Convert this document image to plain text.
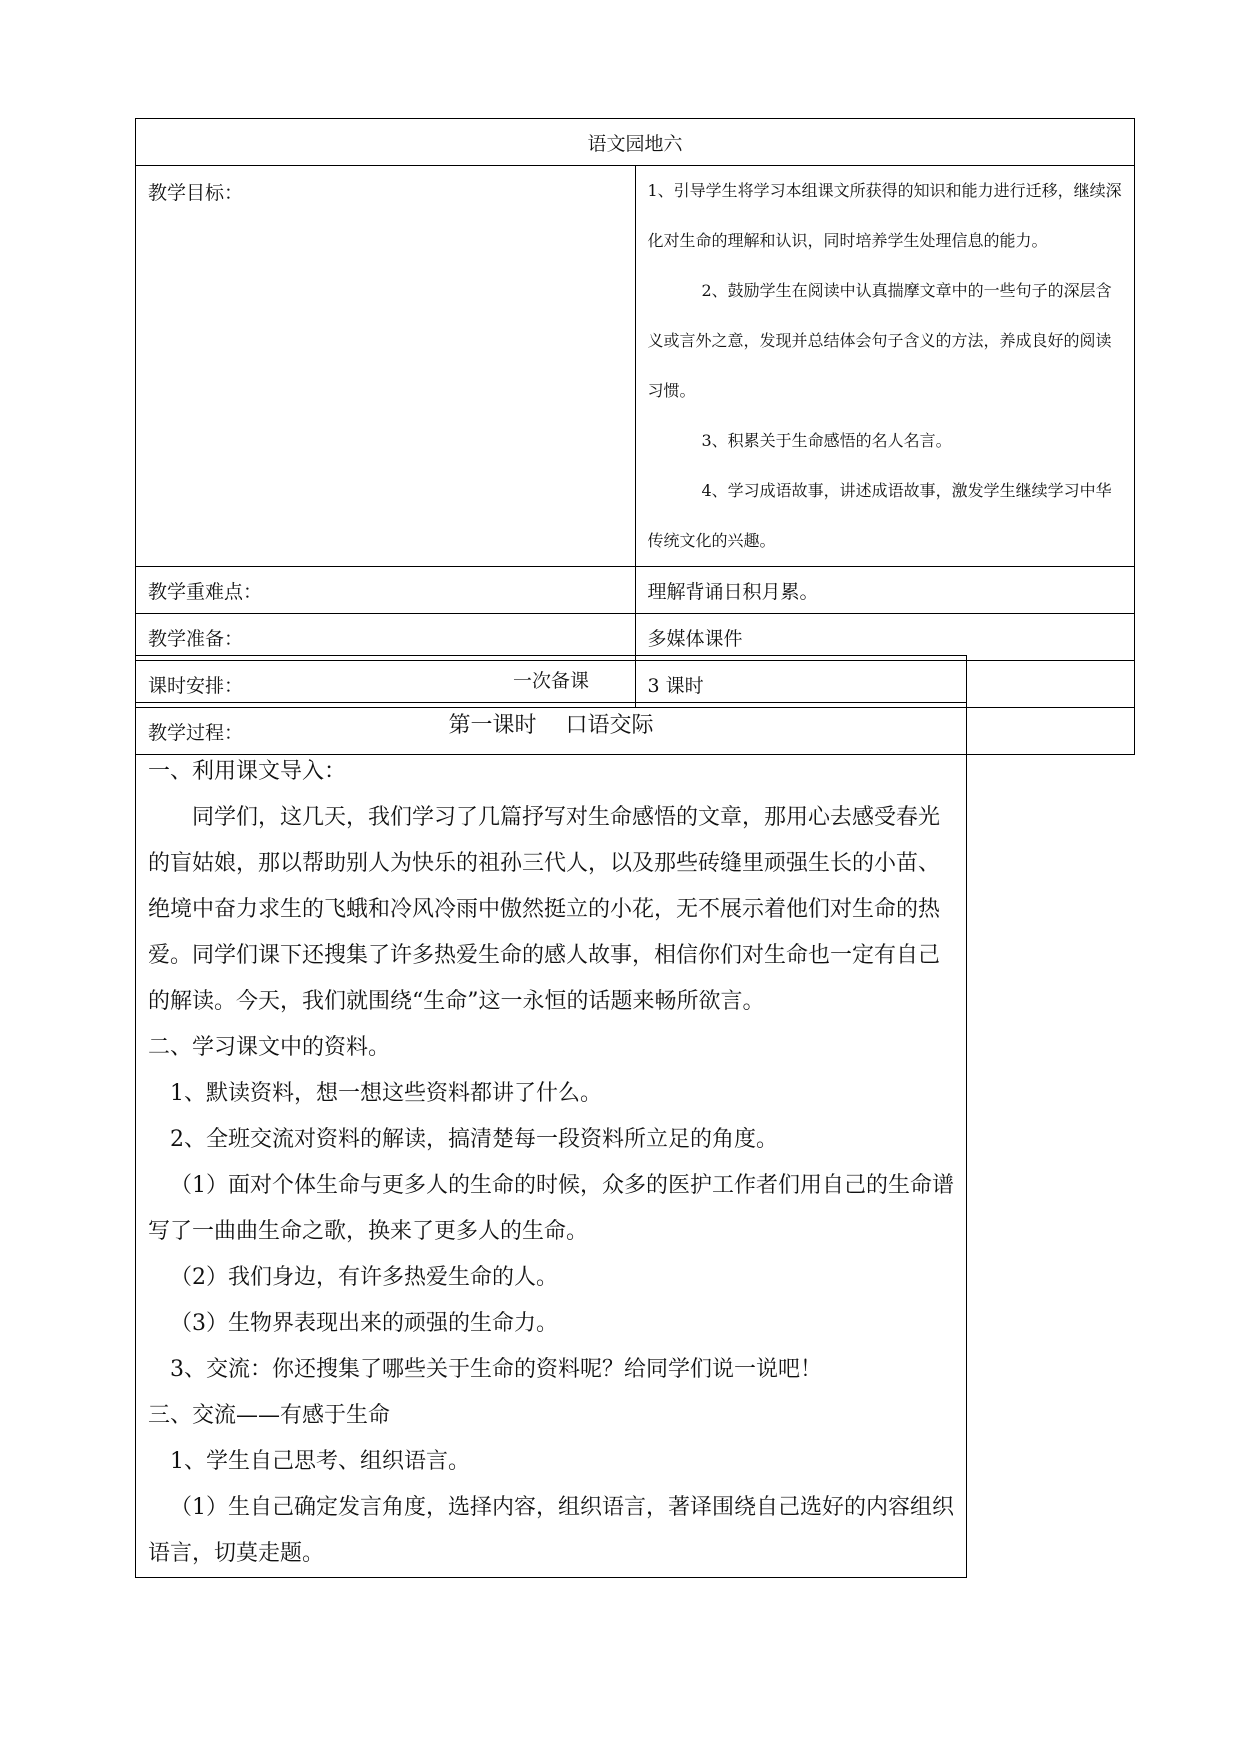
语文园地六	
教学目标：	1、引导学生将学习本组课文所获得的知识和能力进行迁移，继续深化对生命的理解和认识，同时培养学生处理信息的能力。

2、鼓励学生在阅读中认真揣摩文章中的一些句子的深层含义或言外之意，发现并总结体会句子含义的方法，养成良好的阅读习惯。

3、积累关于生命感悟的名人名言。

4、学习成语故事，讲述成语故事，激发学生继续学习中华传统文化的兴趣。

教学重难点：	理解背诵日积月累。
教学准备：	多媒体课件
课时安排：	3 课时
教学过程：	
一次备课

第一课时　 口语交际

一、利用课文导入：

同学们，这几天，我们学习了几篇抒写对生命感悟的文章，那用心去感受春光的盲姑娘，那以帮助别人为快乐的祖孙三代人，以及那些砖缝里顽强生长的小苗、绝境中奋力求生的飞蛾和冷风冷雨中傲然挺立的小花，无不展示着他们对生命的热爱。同学们课下还搜集了许多热爱生命的感人故事，相信你们对生命也一定有自己的解读。今天，我们就围绕“生命”这一永恒的话题来畅所欲言。

二、学习课文中的资料。

1、默读资料，想一想这些资料都讲了什么。

2、全班交流对资料的解读，搞清楚每一段资料所立足的角度。

（1）面对个体生命与更多人的生命的时候，众多的医护工作者们用自己的生命谱写了一曲曲生命之歌，换来了更多人的生命。

（2）我们身边，有许多热爱生命的人。

（3）生物界表现出来的顽强的生命力。

3、交流：你还搜集了哪些关于生命的资料呢？给同学们说一说吧！

三、交流——有感于生命

1、学生自己思考、组织语言。

（1）生自己确定发言角度，选择内容，组织语言，著译围绕自己选好的内容组织语言，切莫走题。
